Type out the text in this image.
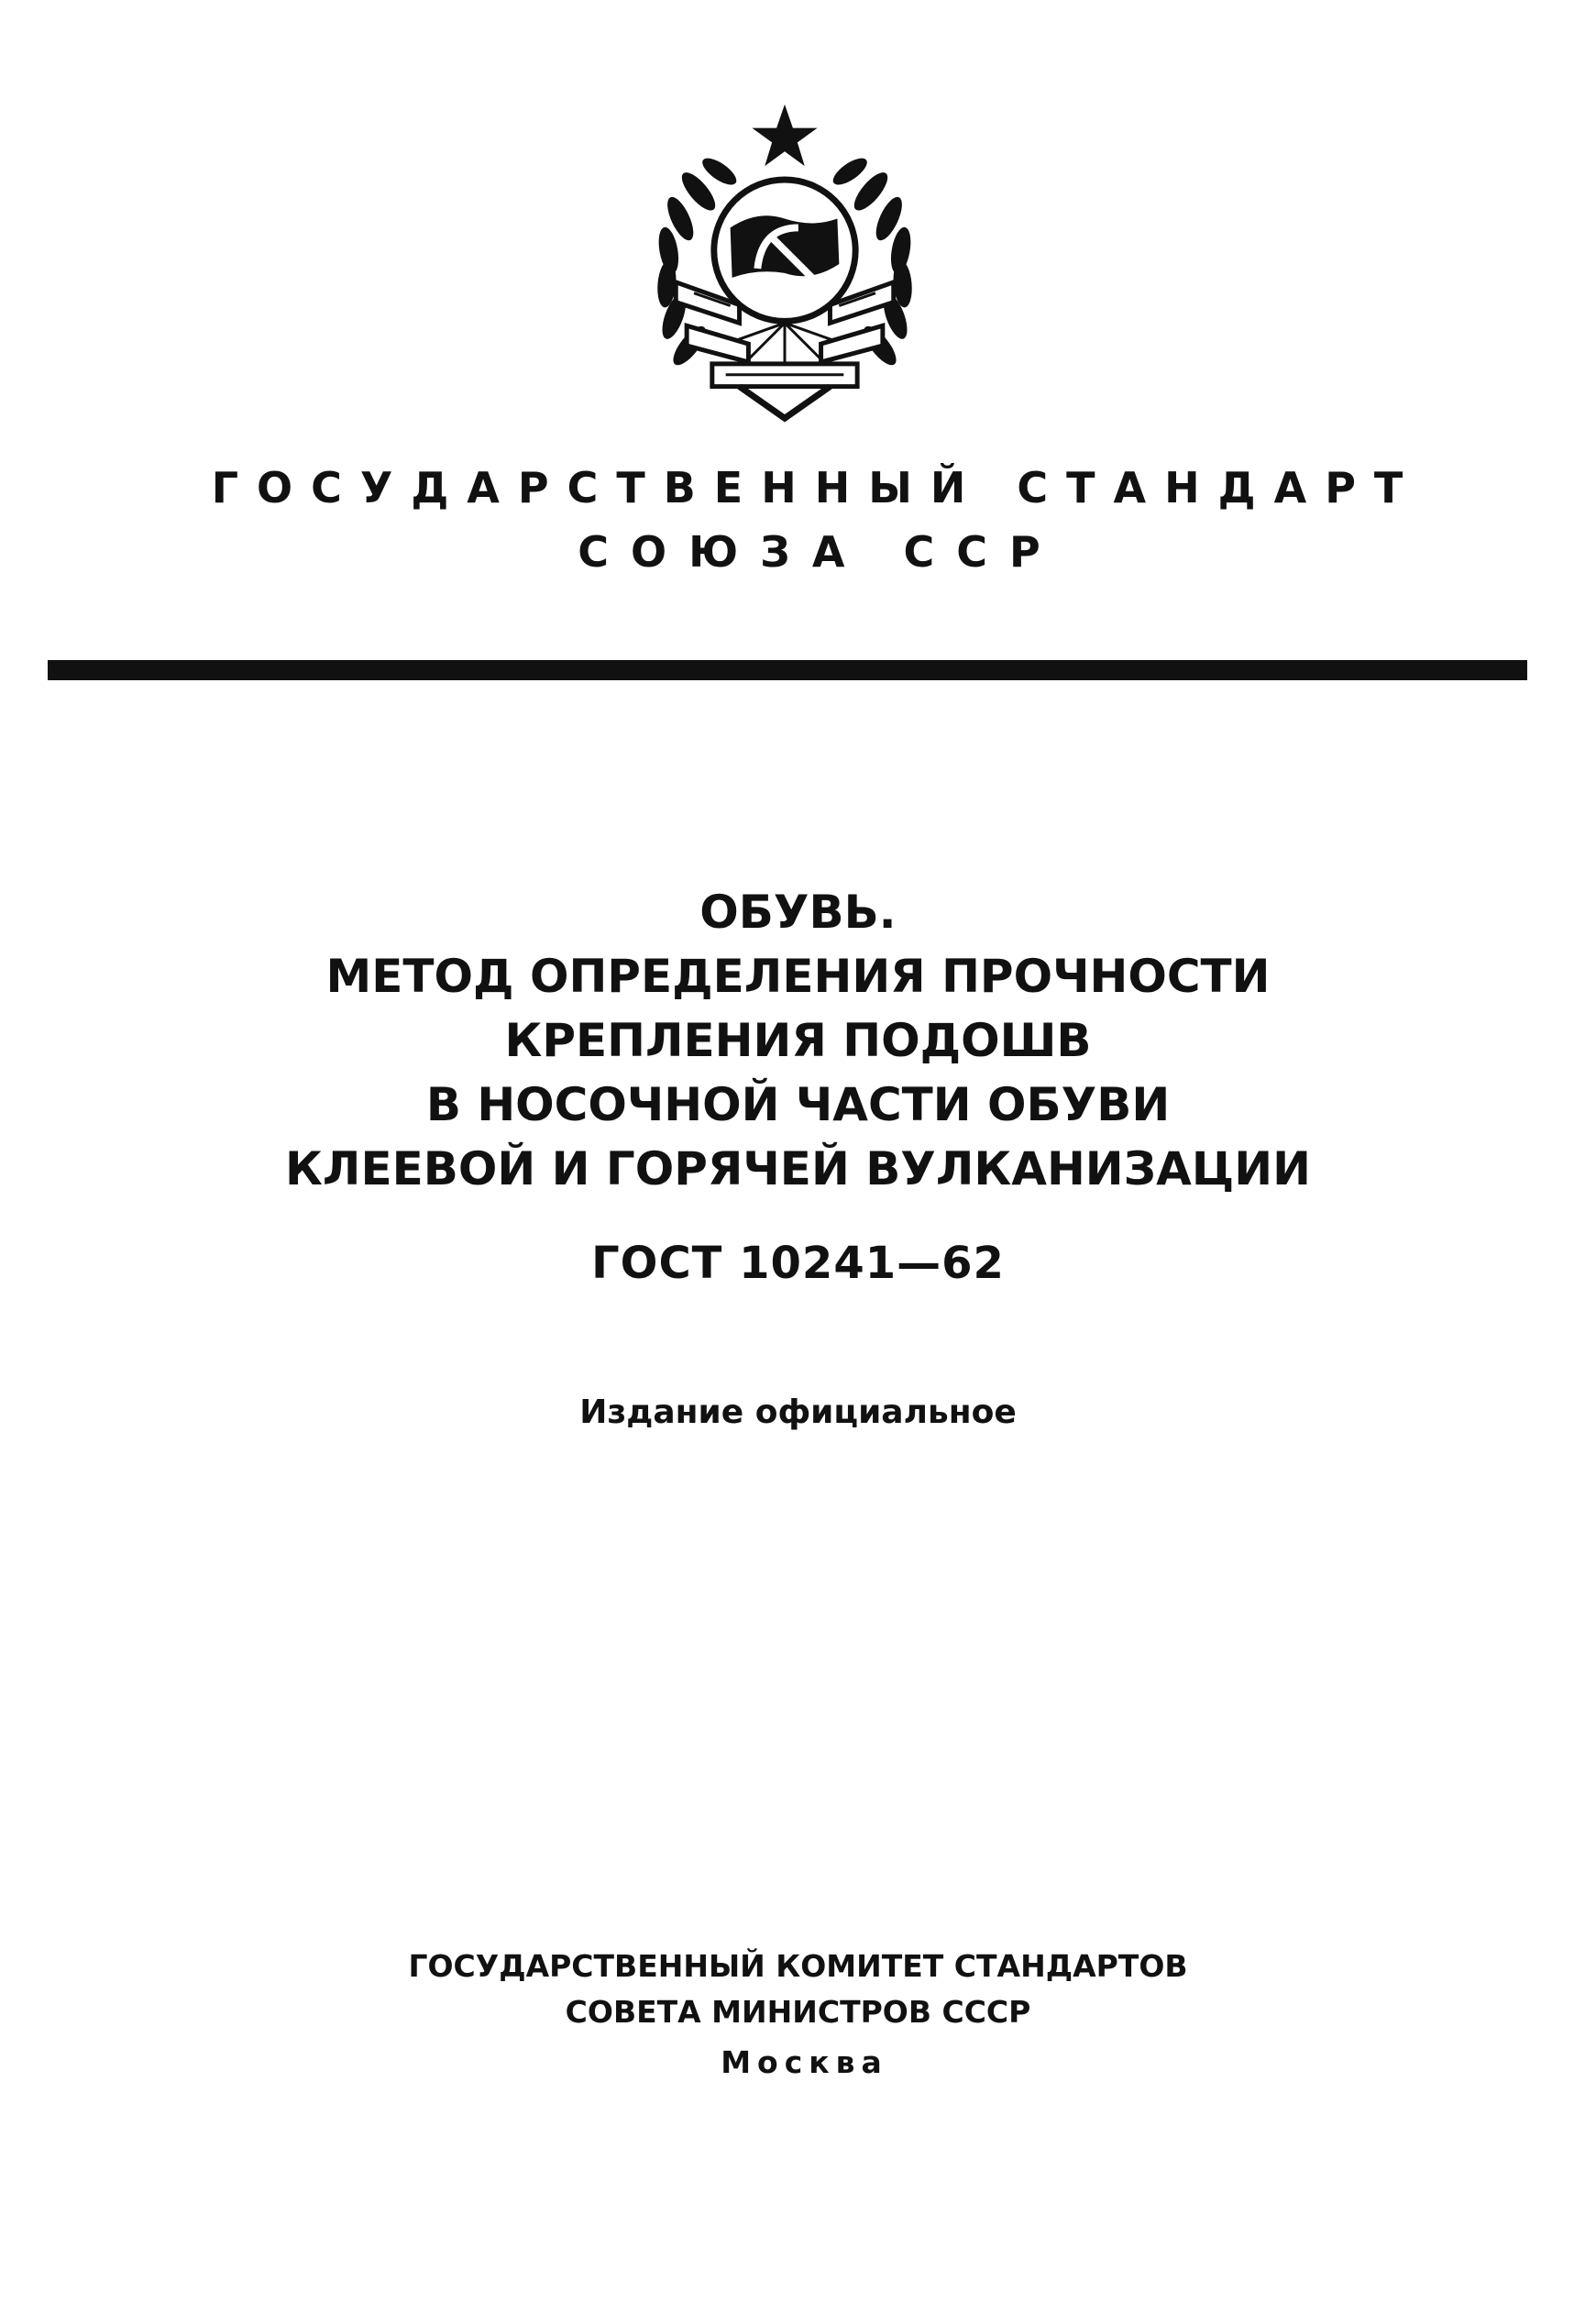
ГОСУДАРСТВЕННЫЙ СТАНДАРТ
СОЮЗА ССР
ОБУВЬ.
МЕТОД ОПРЕДЕЛЕНИЯ ПРОЧНОСТИ
КРЕПЛЕНИЯ ПОДОШВ
В НОСОЧНОЙ ЧАСТИ ОБУВИ
КЛЕЕВОЙ И ГОРЯЧЕЙ ВУЛКАНИЗАЦИИ
ГОСТ 10241—62
Издание официальное
ГОСУДАРСТВЕННЫЙ КОМИТЕТ СТАНДАРТОВ
СОВЕТА МИНИСТРОВ СССР
Москва
